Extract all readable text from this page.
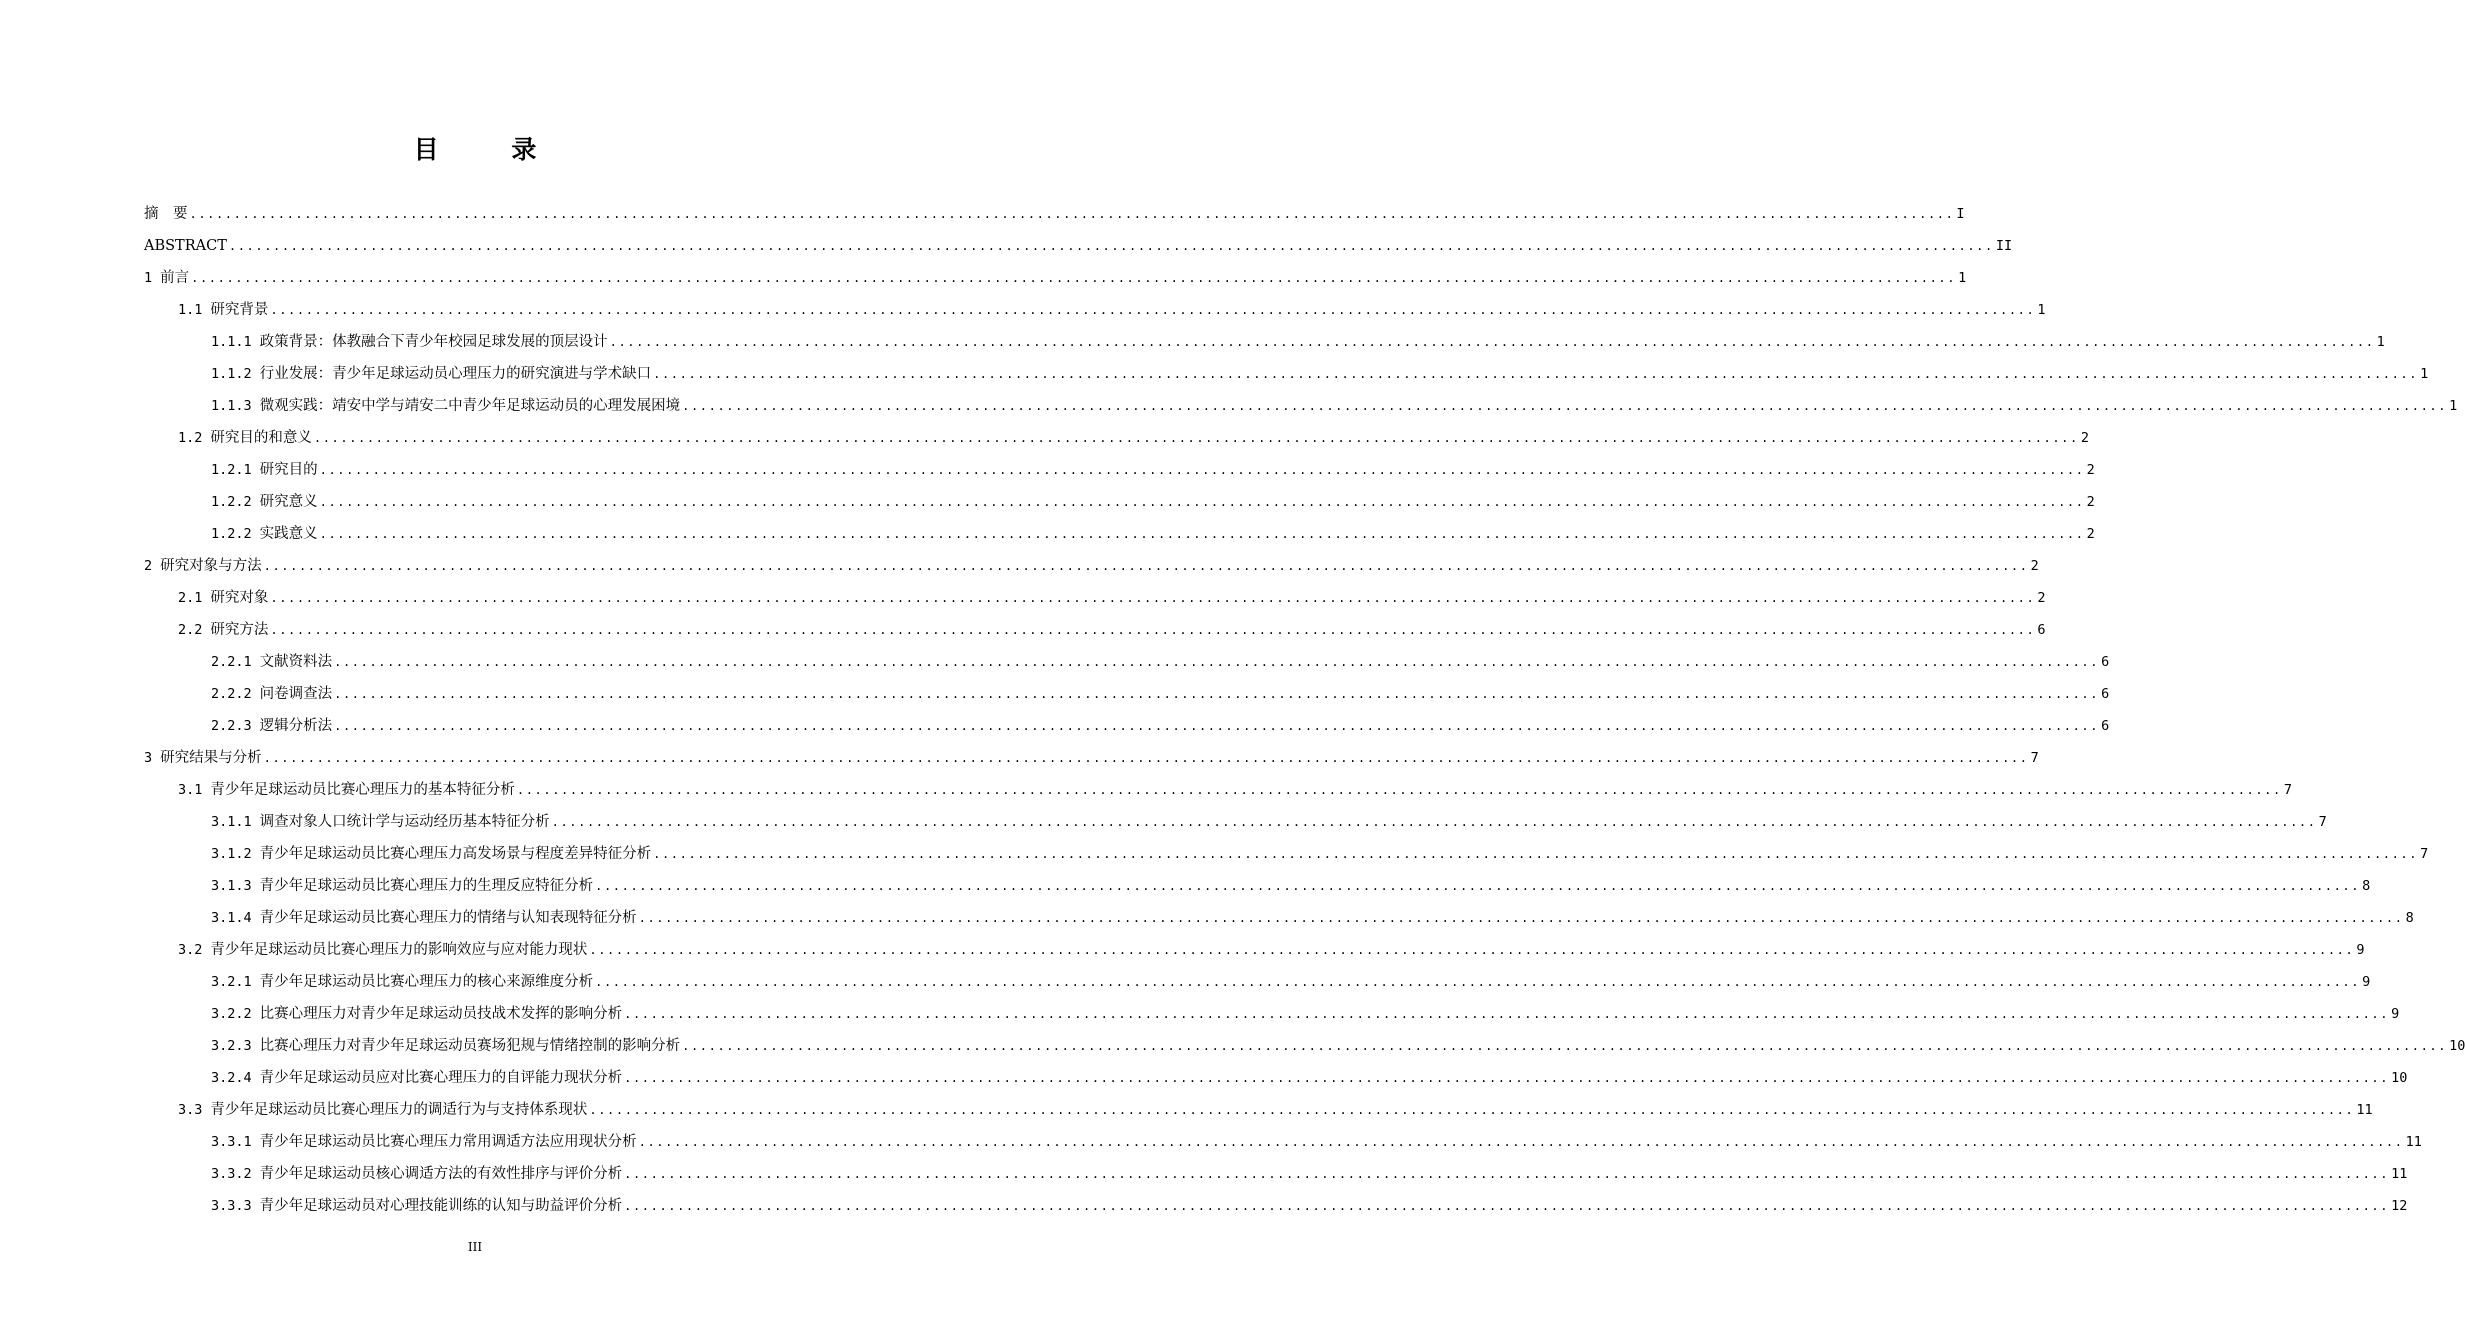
目 录
摘　要 ........................................................................................................................................................................................................ I
ABSTRACT ........................................................................................................................................................................................................ II
1 前言 ........................................................................................................................................................................................................ 1
1.1 研究背景 ........................................................................................................................................................................................................ 1
1.1.1 政策背景：体教融合下青少年校园足球发展的顶层设计 ........................................................................................................................................................................................................ 1
1.1.2 行业发展：青少年足球运动员心理压力的研究演进与学术缺口 ........................................................................................................................................................................................................ 1
1.1.3 微观实践：靖安中学与靖安二中青少年足球运动员的心理发展困境 ........................................................................................................................................................................................................ 1
1.2 研究目的和意义 ........................................................................................................................................................................................................ 2
1.2.1 研究目的 ........................................................................................................................................................................................................ 2
1.2.2 研究意义 ........................................................................................................................................................................................................ 2
1.2.2 实践意义 ........................................................................................................................................................................................................ 2
2 研究对象与方法 ........................................................................................................................................................................................................ 2
2.1 研究对象 ........................................................................................................................................................................................................ 2
2.2 研究方法 ........................................................................................................................................................................................................ 6
2.2.1 文献资料法 ........................................................................................................................................................................................................ 6
2.2.2 问卷调查法 ........................................................................................................................................................................................................ 6
2.2.3 逻辑分析法 ........................................................................................................................................................................................................ 6
3 研究结果与分析 ........................................................................................................................................................................................................ 7
3.1 青少年足球运动员比赛心理压力的基本特征分析 ........................................................................................................................................................................................................ 7
3.1.1 调查对象人口统计学与运动经历基本特征分析 ........................................................................................................................................................................................................ 7
3.1.2 青少年足球运动员比赛心理压力高发场景与程度差异特征分析 ........................................................................................................................................................................................................ 7
3.1.3 青少年足球运动员比赛心理压力的生理反应特征分析 ........................................................................................................................................................................................................ 8
3.1.4 青少年足球运动员比赛心理压力的情绪与认知表现特征分析 ........................................................................................................................................................................................................ 8
3.2 青少年足球运动员比赛心理压力的影响效应与应对能力现状 ........................................................................................................................................................................................................ 9
3.2.1 青少年足球运动员比赛心理压力的核心来源维度分析 ........................................................................................................................................................................................................ 9
3.2.2 比赛心理压力对青少年足球运动员技战术发挥的影响分析 ........................................................................................................................................................................................................ 9
3.2.3 比赛心理压力对青少年足球运动员赛场犯规与情绪控制的影响分析 ........................................................................................................................................................................................................ 10
3.2.4 青少年足球运动员应对比赛心理压力的自评能力现状分析 ........................................................................................................................................................................................................ 10
3.3 青少年足球运动员比赛心理压力的调适行为与支持体系现状 ........................................................................................................................................................................................................ 11
3.3.1 青少年足球运动员比赛心理压力常用调适方法应用现状分析 ........................................................................................................................................................................................................ 11
3.3.2 青少年足球运动员核心调适方法的有效性排序与评价分析 ........................................................................................................................................................................................................ 11
3.3.3 青少年足球运动员对心理技能训练的认知与助益评价分析 ........................................................................................................................................................................................................ 12
III
